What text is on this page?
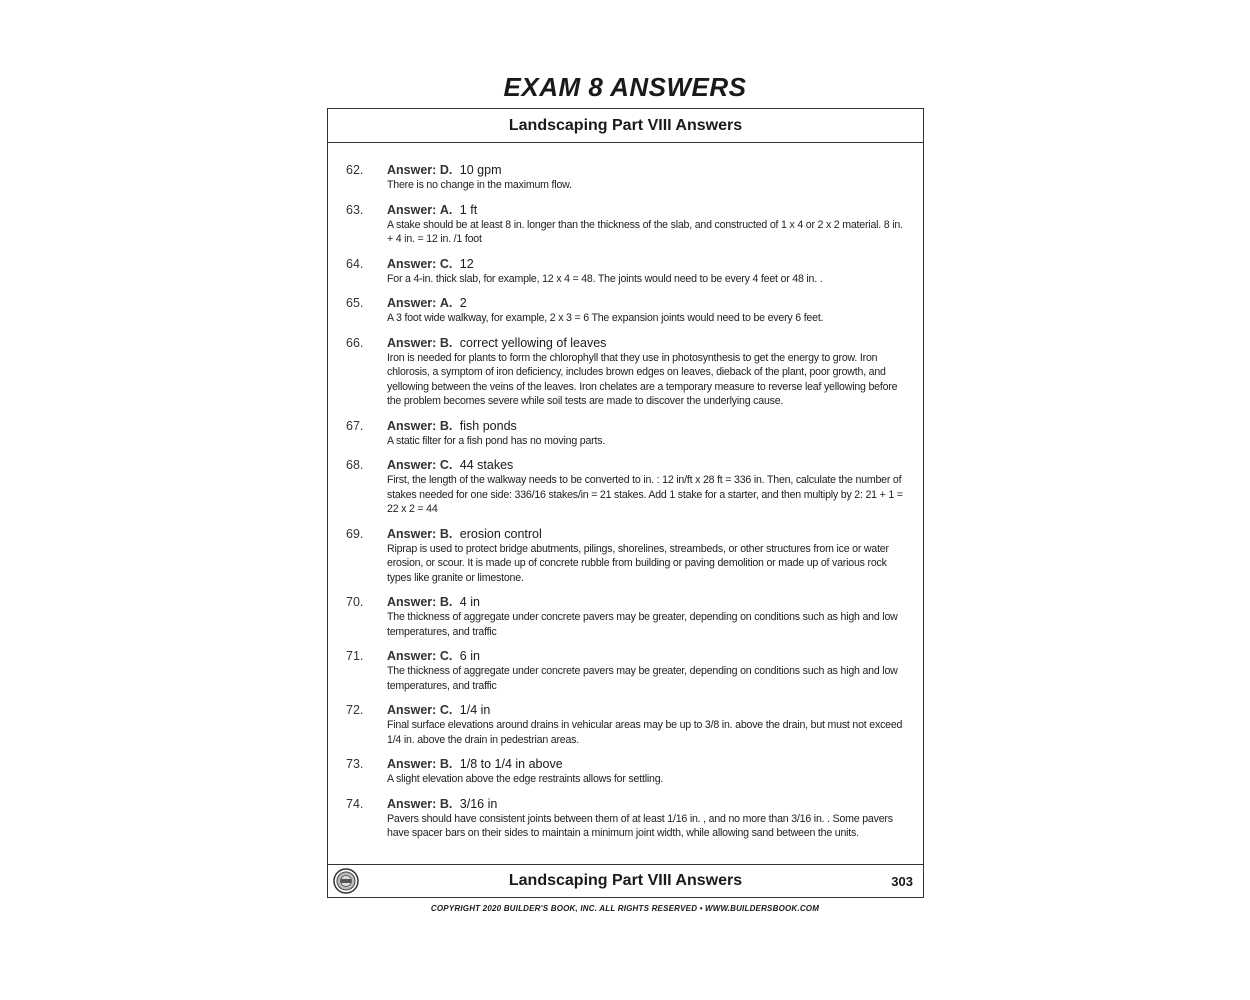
EXAM 8 ANSWERS
Landscaping Part VIII Answers
62. Answer: D. 10 gpm
There is no change in the maximum flow.
63. Answer: A. 1 ft
A stake should be at least 8 in. longer than the thickness of the slab, and constructed of 1 x 4 or 2 x 2 material. 8 in. + 4 in. = 12 in. /1 foot
64. Answer: C. 12
For a 4-in. thick slab, for example, 12 x 4 = 48. The joints would need to be every 4 feet or 48 in. .
65. Answer: A. 2
A 3 foot wide walkway, for example, 2 x 3 = 6 The expansion joints would need to be every 6 feet.
66. Answer: B. correct yellowing of leaves
Iron is needed for plants to form the chlorophyll that they use in photosynthesis to get the energy to grow. Iron chlorosis, a symptom of iron deficiency, includes brown edges on leaves, dieback of the plant, poor growth, and yellowing between the veins of the leaves. Iron chelates are a temporary measure to reverse leaf yellowing before the problem becomes severe while soil tests are made to discover the underlying cause.
67. Answer: B. fish ponds
A static filter for a fish pond has no moving parts.
68. Answer: C. 44 stakes
First, the length of the walkway needs to be converted to in. : 12 in/ft x 28 ft = 336 in. Then, calculate the number of stakes needed for one side: 336/16 stakes/in = 21 stakes. Add 1 stake for a starter, and then multiply by 2: 21 + 1 = 22 x 2 = 44
69. Answer: B. erosion control
Riprap is used to protect bridge abutments, pilings, shorelines, streambeds, or other structures from ice or water erosion, or scour. It is made up of concrete rubble from building or paving demolition or made up of various rock types like granite or limestone.
70. Answer: B. 4 in
The thickness of aggregate under concrete pavers may be greater, depending on conditions such as high and low temperatures, and traffic
71. Answer: C. 6 in
The thickness of aggregate under concrete pavers may be greater, depending on conditions such as high and low temperatures, and traffic
72. Answer: C. 1/4 in
Final surface elevations around drains in vehicular areas may be up to 3/8 in. above the drain, but must not exceed 1/4 in. above the drain in pedestrian areas.
73. Answer: B. 1/8 to 1/4 in above
A slight elevation above the edge restraints allows for settling.
74. Answer: B. 3/16 in
Pavers should have consistent joints between them of at least 1/16 in. , and no more than 3/16 in. . Some pavers have spacer bars on their sides to maintain a minimum joint width, while allowing sand between the units.
Landscaping Part VIII Answers	303
COPYRIGHT 2020 BUILDER'S BOOK, INC. ALL RIGHTS RESERVED • WWW.BUILDERSBOOK.COM
